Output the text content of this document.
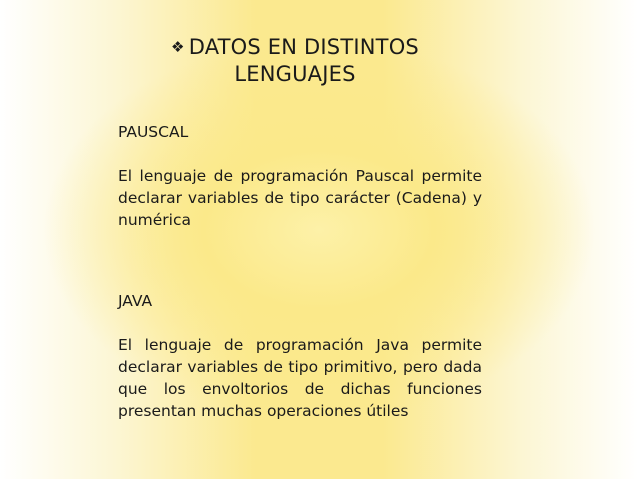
❖ DATOS EN DISTINTOS
LENGUAJES
PAUSCAL

El lenguaje de programación Pauscal permite declarar variables de tipo carácter (Cadena) y numérica

JAVA

El lenguaje de programación Java permite declarar variables de tipo primitivo, pero dada que los envoltorios de dichas funciones presentan muchas operaciones útiles
